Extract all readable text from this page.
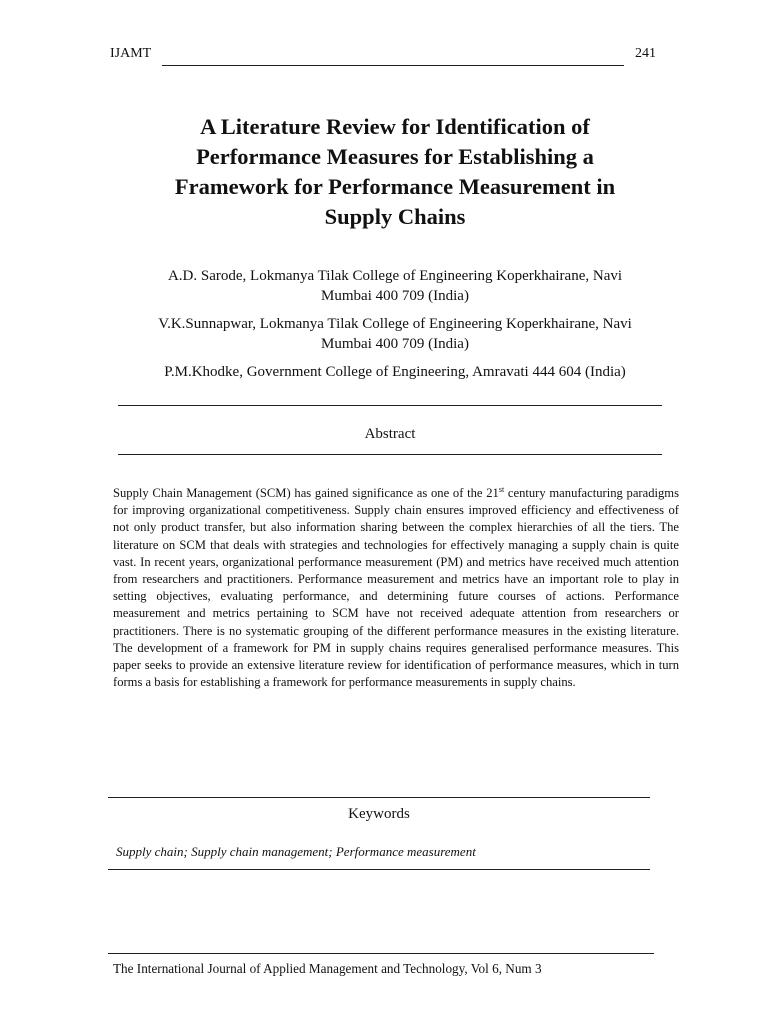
IJAMT	241
A Literature Review for Identification of
Performance Measures for Establishing a
Framework for Performance Measurement in
Supply Chains
A.D. Sarode, Lokmanya Tilak College of Engineering Koperkhairane, Navi
Mumbai 400 709 (India)
V.K.Sunnapwar, Lokmanya Tilak College of Engineering Koperkhairane, Navi
Mumbai 400 709 (India)
P.M.Khodke, Government College of Engineering, Amravati 444 604 (India)
Abstract

Supply Chain Management (SCM) has gained significance as one of the 21st century manufacturing paradigms for improving organizational competitiveness. Supply chain ensures improved efficiency and effectiveness of not only product transfer, but also information sharing between the complex hierarchies of all the tiers. The literature on SCM that deals with strategies and technologies for effectively managing a supply chain is quite vast. In recent years, organizational performance measurement (PM) and metrics have received much attention from researchers and practitioners. Performance measurement and metrics have an important role to play in setting objectives, evaluating performance, and determining future courses of actions. Performance measurement and metrics pertaining to SCM have not received adequate attention from researchers or practitioners. There is no systematic grouping of the different performance measures in the existing literature. The development of a framework for PM in supply chains requires generalised performance measures. This paper seeks to provide an extensive literature review for identification of performance measures, which in turn forms a basis for establishing a framework for performance measurements in supply chains.

Keywords
Supply chain; Supply chain management; Performance measurement
The International Journal of Applied Management and Technology, Vol 6, Num 3
